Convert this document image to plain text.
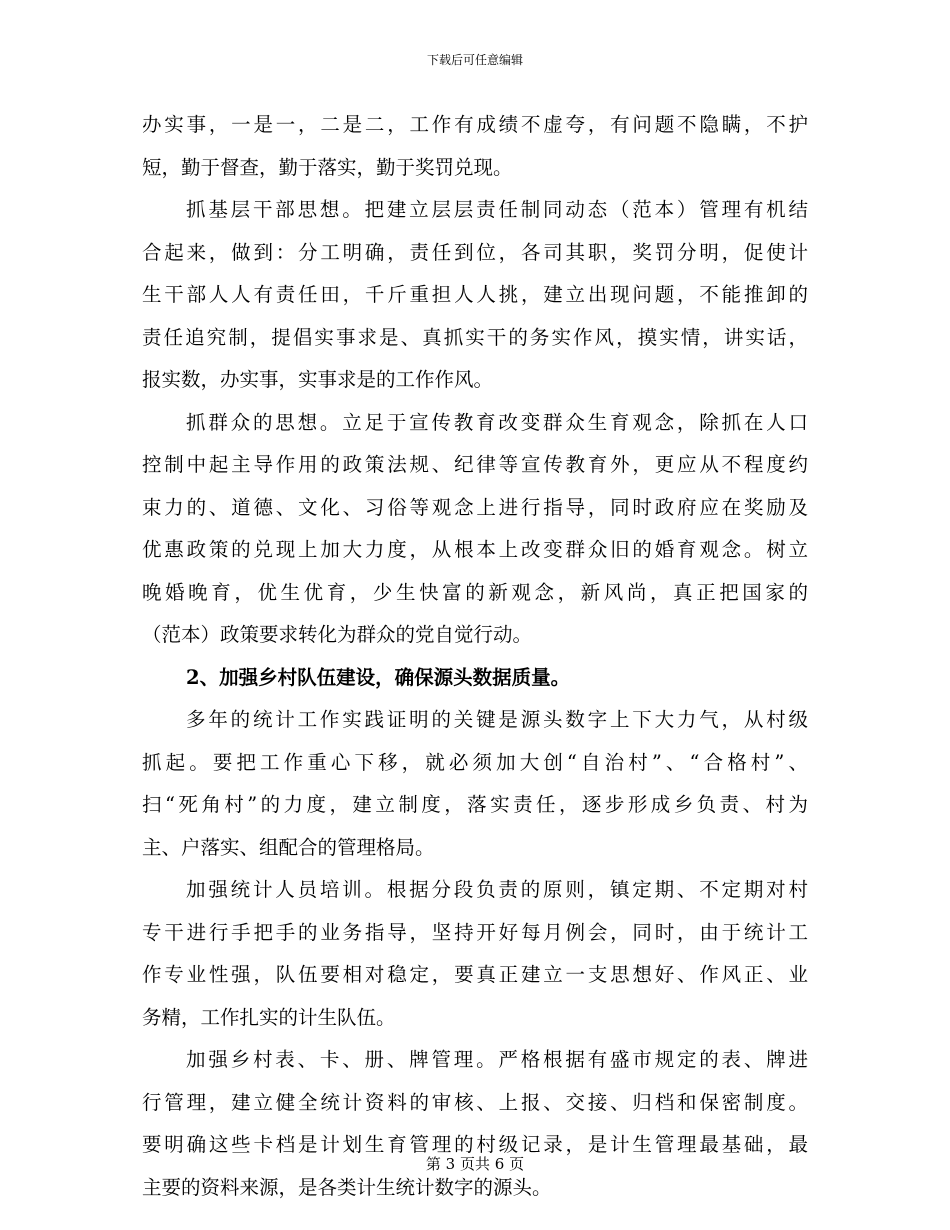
下载后可任意编辑
办实事，一是一，二是二，工作有成绩不虚夸，有问题不隐瞒，不护
短，勤于督查，勤于落实，勤于奖罚兑现。
抓基层干部思想。把建立层层责任制同动态（范本）管理有机结
合起来，做到：分工明确，责任到位，各司其职，奖罚分明，促使计
生干部人人有责任田，千斤重担人人挑，建立出现问题，不能推卸的
责任追究制，提倡实事求是、真抓实干的务实作风，摸实情，讲实话，
报实数，办实事，实事求是的工作作风。
抓群众的思想。立足于宣传教育改变群众生育观念，除抓在人口
控制中起主导作用的政策法规、纪律等宣传教育外，更应从不程度约
束力的、道德、文化、习俗等观念上进行指导，同时政府应在奖励及
优惠政策的兑现上加大力度，从根本上改变群众旧的婚育观念。树立
晚婚晚育，优生优育，少生快富的新观念，新风尚，真正把国家的
（范本）政策要求转化为群众的党自觉行动。
2、加强乡村队伍建设，确保源头数据质量。
多年的统计工作实践证明的关键是源头数字上下大力气，从村级
抓起。要把工作重心下移，就必须加大创“自治村”、“合格村”、
扫“死角村”的力度，建立制度，落实责任，逐步形成乡负责、村为
主、户落实、组配合的管理格局。
加强统计人员培训。根据分段负责的原则，镇定期、不定期对村
专干进行手把手的业务指导，坚持开好每月例会，同时，由于统计工
作专业性强，队伍要相对稳定，要真正建立一支思想好、作风正、业
务精，工作扎实的计生队伍。
加强乡村表、卡、册、牌管理。严格根据有盛市规定的表、牌进
行管理，建立健全统计资料的审核、上报、交接、归档和保密制度。
要明确这些卡档是计划生育管理的村级记录，是计生管理最基础，最
主要的资料来源，是各类计生统计数字的源头。
第 3 页共 6 页
